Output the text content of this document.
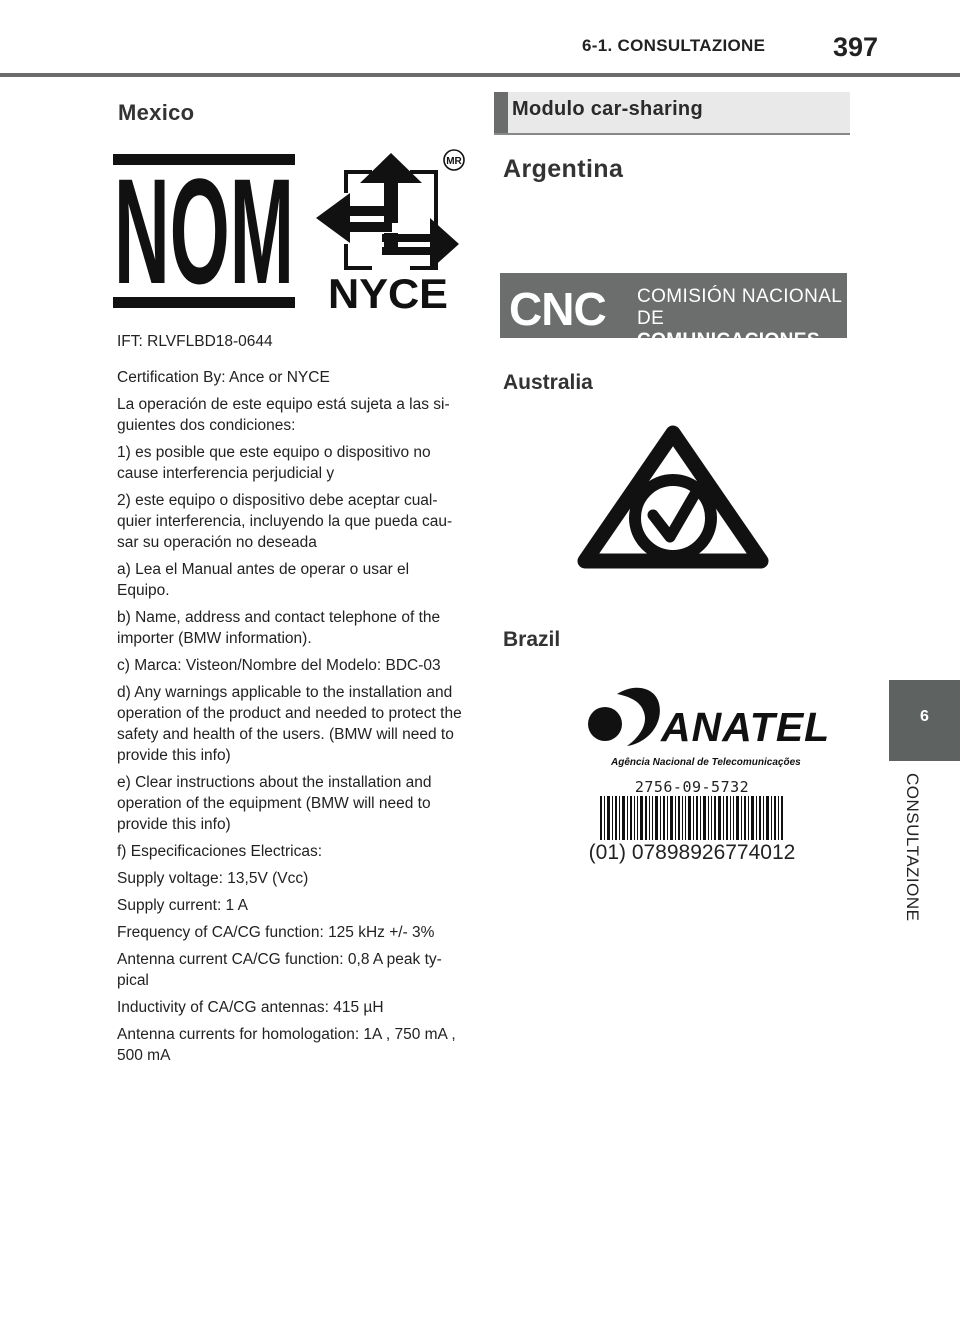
6-1. CONSULTAZIONE	397
6
CONSULTAZIONE
Mexico
NOM	MR
NYCE

IFT: RLVFLBD18-0644

Certification By: Ance or NYCE

La operación de este equipo está sujeta a las si-guientes dos condiciones:

1) es posible que este equipo o dispositivo no cause interferencia perjudicial y

2) este equipo o dispositivo debe aceptar cual-quier interferencia, incluyendo la que pueda cau-sar su operación no deseada

a) Lea el Manual antes de operar o usar el Equipo.

b) Name, address and contact telephone of the importer (BMW information).

c) Marca: Visteon/Nombre del Modelo: BDC-03

d) Any warnings applicable to the installation and operation of the product and needed to protect the safety and health of the users. (BMW will need to provide this info)

e) Clear instructions about the installation and operation of the equipment (BMW will need to provide this info)

f) Especificaciones Electricas:

Supply voltage: 13,5V (Vcc)

Supply current: 1 A

Frequency of CA/CG function: 125 kHz +/- 3%

Antenna current CA/CG function: 0,8 A peak ty-pical

Inductivity of CA/CG antennas: 415 µH

Antenna currents for homologation: 1A , 750 mA , 500 mA

Modulo car-sharing
Argentina
CNC COMISIÓN NACIONAL
DE COMUNICACIONES
Australia
Brazil
ANATEL
Agência Nacional de Telecomunicações
2756-09-5732
(01) 07898926774012
